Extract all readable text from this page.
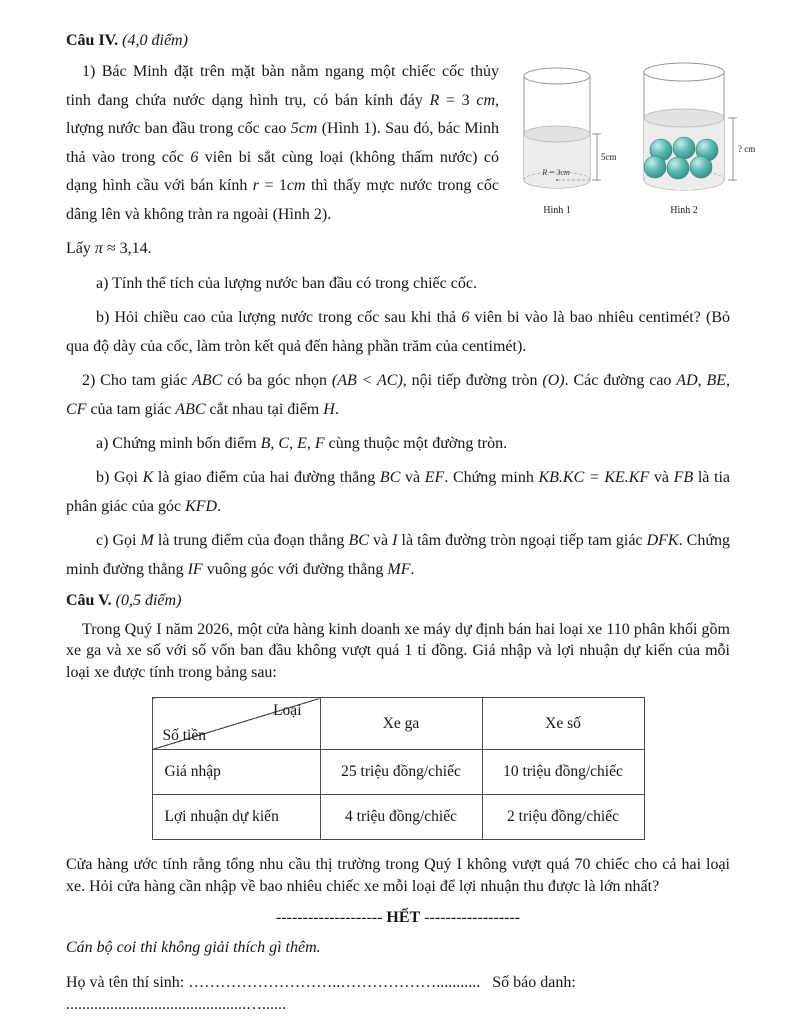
Câu IV. (4,0 điểm)

R = 3cm
5cm
? cm
Hình 1	Hình 2

1) Bác Minh đặt trên mặt bàn nằm ngang một chiếc cốc thủy tinh đang chứa nước dạng hình trụ, có bán kính đáy R = 3 cm, lượng nước ban đầu trong cốc cao 5cm (Hình 1). Sau đó, bác Minh thả vào trong cốc 6 viên bi sắt cùng loại (không thấm nước) có dạng hình cầu với bán kính r = 1cm thì thấy mực nước trong cốc dâng lên và không tràn ra ngoài (Hình 2).

Lấy π ≈ 3,14.

a) Tính thể tích của lượng nước ban đầu có trong chiếc cốc.

b) Hỏi chiều cao của lượng nước trong cốc sau khi thả 6 viên bi vào là bao nhiêu centimét? (Bỏ qua độ dày của cốc, làm tròn kết quả đến hàng phần trăm của centimét).

2) Cho tam giác ABC có ba góc nhọn (AB < AC), nội tiếp đường tròn (O). Các đường cao AD, BE, CF của tam giác ABC cắt nhau tại điểm H.

a) Chứng minh bốn điểm B, C, E, F cùng thuộc một đường tròn.

b) Gọi K là giao điểm của hai đường thẳng BC và EF. Chứng minh KB.KC = KE.KF và FB là tia phân giác của góc KFD.

c) Gọi M là trung điểm của đoạn thẳng BC và I là tâm đường tròn ngoại tiếp tam giác DFK. Chứng minh đường thẳng IF vuông góc với đường thẳng MF.

Câu V. (0,5 điểm)

Trong Quý I năm 2026, một cửa hàng kinh doanh xe máy dự định bán hai loại xe 110 phân khối gồm xe ga và xe số với số vốn ban đầu không vượt quá 1 tỉ đồng. Giá nhập và lợi nhuận dự kiến của mỗi loại xe được tính trong bảng sau:

Loại
Số tiền	Xe ga	Xe số
Giá nhập	25 triệu đồng/chiếc	10 triệu đồng/chiếc
Lợi nhuận dự kiến	4 triệu đồng/chiếc	2 triệu đồng/chiếc

Cửa hàng ước tính rằng tổng nhu cầu thị trường trong Quý I không vượt quá 70 chiếc cho cả hai loại xe. Hỏi cửa hàng cần nhập về bao nhiêu chiếc xe mỗi loại để lợi nhuận thu được là lớn nhất?

-------------------- HẾT ------------------

Cán bộ coi thi không giải thích gì thêm.

Họ và tên thí sinh: ………………………..………………........... Số báo danh: .............................................…......
